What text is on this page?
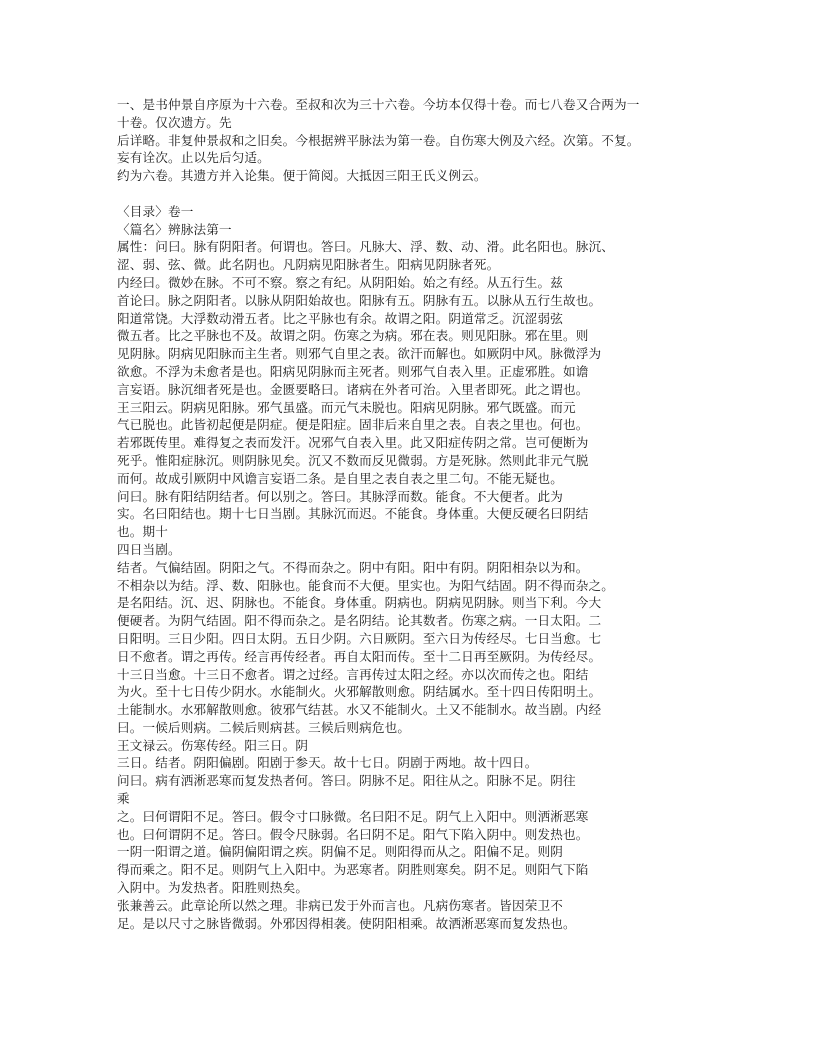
一、是书仲景自序原为十六卷。至叔和次为三十六卷。今坊本仅得十卷。而七八卷又合两为一
十卷。仅次遗方。先
后详略。非复仲景叔和之旧矣。今根据辨平脉法为第一卷。自伤寒大例及六经。次第。不复。
妄有诠次。止以先后匀适。
约为六卷。其遗方并入论集。便于简阅。大抵因三阳王氏义例云。
〈目录〉卷一
〈篇名〉辨脉法第一
属性：问曰。脉有阴阳者。何谓也。答曰。凡脉大、浮、数、动、滑。此名阳也。脉沉、
涩、弱、弦、微。此名阴也。凡阴病见阳脉者生。阳病见阴脉者死。
内经曰。微妙在脉。不可不察。察之有纪。从阴阳始。始之有经。从五行生。兹
首论曰。脉之阴阳者。以脉从阴阳始故也。阳脉有五。阴脉有五。以脉从五行生故也。
阳道常饶。大浮数动滑五者。比之平脉也有余。故谓之阳。阴道常乏。沉涩弱弦
微五者。比之平脉也不及。故谓之阴。伤寒之为病。邪在表。则见阳脉。邪在里。则
见阴脉。阴病见阳脉而主生者。则邪气自里之表。欲汗而解也。如厥阴中风。脉微浮为
欲愈。不浮为未愈者是也。阳病见阴脉而主死者。则邪气自表入里。正虚邪胜。如谵
言妄语。脉沉细者死是也。金匮要略曰。诸病在外者可治。入里者即死。此之谓也。
王三阳云。阴病见阳脉。邪气虽盛。而元气未脱也。阳病见阴脉。邪气既盛。而元
气已脱也。此皆初起便是阴症。便是阳症。固非后来自里之表。自表之里也。何也。
若邪既传里。难得复之表而发汗。况邪气自表入里。此又阳症传阴之常。岂可便断为
死乎。惟阳症脉沉。则阴脉见矣。沉又不数而反见微弱。方是死脉。然则此非元气脱
而何。故成引厥阴中风谵言妄语二条。是自里之表自表之里二句。不能无疑也。
问曰。脉有阳结阴结者。何以别之。答曰。其脉浮而数。能食。不大便者。此为
实。名曰阳结也。期十七日当剧。其脉沉而迟。不能食。身体重。大便反硬名曰阴结
也。期十
四日当剧。
结者。气偏结固。阴阳之气。不得而杂之。阴中有阳。阳中有阴。阴阳相杂以为和。
不相杂以为结。浮、数、阳脉也。能食而不大便。里实也。为阳气结固。阴不得而杂之。
是名阳结。沉、迟、阴脉也。不能食。身体重。阴病也。阴病见阴脉。则当下利。今大
便硬者。为阴气结固。阳不得而杂之。是名阴结。论其数者。伤寒之病。一日太阳。二
日阳明。三日少阳。四日太阴。五日少阴。六日厥阴。至六日为传经尽。七日当愈。七
日不愈者。谓之再传。经言再传经者。再自太阳而传。至十二日再至厥阴。为传经尽。
十三日当愈。十三日不愈者。谓之过经。言再传过太阳之经。亦以次而传之也。阳结
为火。至十七日传少阴水。水能制火。火邪解散则愈。阴结属水。至十四日传阳明土。
土能制水。水邪解散则愈。彼邪气结甚。水又不能制火。土又不能制水。故当剧。内经
曰。一候后则病。二候后则病甚。三候后则病危也。
王文禄云。伤寒传经。阳三日。阴
三日。结者。阴阳偏剧。阳剧于参天。故十七日。阴剧于两地。故十四日。
问曰。病有洒淅恶寒而复发热者何。答曰。阴脉不足。阳往从之。阳脉不足。阴往
乘
之。曰何谓阳不足。答曰。假令寸口脉微。名曰阳不足。阴气上入阳中。则洒淅恶寒
也。曰何谓阴不足。答曰。假令尺脉弱。名曰阴不足。阳气下陷入阴中。则发热也。
一阴一阳谓之道。偏阴偏阳谓之疾。阴偏不足。则阳得而从之。阳偏不足。则阴
得而乘之。阳不足。则阴气上入阳中。为恶寒者。阴胜则寒矣。阴不足。则阳气下陷
入阴中。为发热者。阳胜则热矣。
张兼善云。此章论所以然之理。非病已发于外而言也。凡病伤寒者。皆因荣卫不
足。是以尺寸之脉皆微弱。外邪因得相袭。使阴阳相乘。故洒淅恶寒而复发热也。
